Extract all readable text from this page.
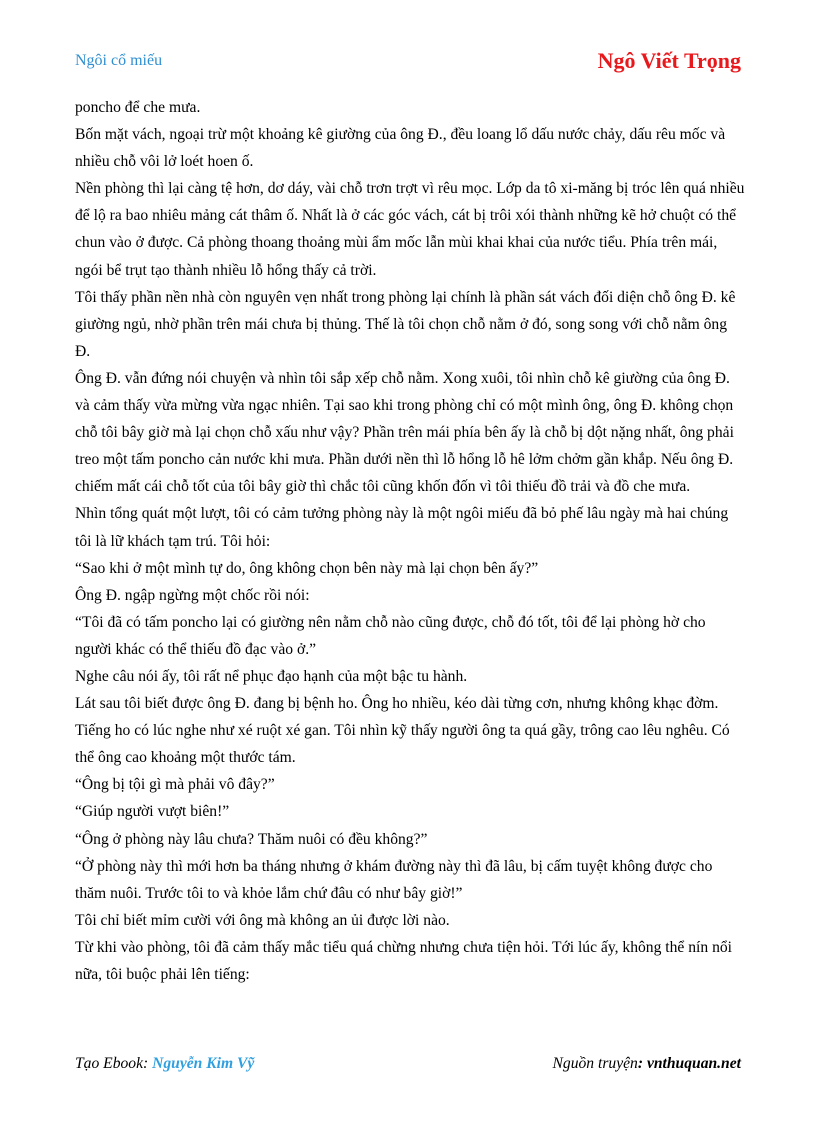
Ngôi cổ miếu	Ngô Viết Trọng

poncho để che mưa.

Bốn mặt vách, ngoại trừ một khoảng kê giường của ông Đ., đều loang lổ dấu nước chảy, dấu rêu mốc và nhiều chỗ vôi lở loét hoen ố.

Nền phòng thì lại càng tệ hơn, dơ dáy, vài chỗ trơn trợt vì rêu mọc. Lớp da tô xi-măng bị tróc lên quá nhiều để lộ ra bao nhiêu mảng cát thâm ố. Nhất là ở các góc vách, cát bị trôi xói thành những kẽ hở chuột có thể chun vào ở được. Cả phòng thoang thoảng mùi ẩm mốc lẫn mùi khai khai của nước tiểu. Phía trên mái, ngói bể trụt tạo thành nhiều lỗ hổng thấy cả trời.

Tôi thấy phần nền nhà còn nguyên vẹn nhất trong phòng lại chính là phần sát vách đối diện chỗ ông Đ. kê giường ngủ, nhờ phần trên mái chưa bị thủng. Thế là tôi chọn chỗ nằm ở đó, song song với chỗ nằm ông Đ.

Ông Đ. vẫn đứng nói chuyện và nhìn tôi sắp xếp chỗ nằm. Xong xuôi, tôi nhìn chỗ kê giường của ông Đ. và cảm thấy vừa mừng vừa ngạc nhiên. Tại sao khi trong phòng chỉ có một mình ông, ông Đ. không chọn chỗ tôi bây giờ mà lại chọn chỗ xấu như vậy? Phần trên mái phía bên ấy là chỗ bị dột nặng nhất, ông phải treo một tấm poncho cản nước khi mưa. Phần dưới nền thì lỗ hổng lỗ hê lởm chởm gần khắp. Nếu ông Đ. chiếm mất cái chỗ tốt của tôi bây giờ thì chắc tôi cũng khốn đốn vì tôi thiếu đồ trải và đồ che mưa.

Nhìn tổng quát một lượt, tôi có cảm tưởng phòng này là một ngôi miếu đã bỏ phế lâu ngày mà hai chúng tôi là lữ khách tạm trú. Tôi hỏi:

“Sao khi ở một mình tự do, ông không chọn bên này mà lại chọn bên ấy?”

Ông Đ. ngập ngừng một chốc rồi nói:

“Tôi đã có tấm poncho lại có giường nên nằm chỗ nào cũng được, chỗ đó tốt, tôi để lại phòng hờ cho người khác có thể thiếu đồ đạc vào ở.”

Nghe câu nói ấy, tôi rất nể phục đạo hạnh của một bậc tu hành.

Lát sau tôi biết được ông Đ. đang bị bệnh ho. Ông ho nhiều, kéo dài từng cơn, nhưng không khạc đờm. Tiếng ho có lúc nghe như xé ruột xé gan. Tôi nhìn kỹ thấy người ông ta quá gầy, trông cao lêu nghêu. Có thể ông cao khoảng một thước tám.

“Ông bị tội gì mà phải vô đây?”

“Giúp người vượt biên!”

“Ông ở phòng này lâu chưa? Thăm nuôi có đều không?”

“Ở phòng này thì mới hơn ba tháng nhưng ở khám đường này thì đã lâu, bị cấm tuyệt không được cho thăm nuôi. Trước tôi to và khỏe lắm chứ đâu có như bây giờ!”

Tôi chỉ biết mỉm cười với ông mà không an ủi được lời nào.

Từ khi vào phòng, tôi đã cảm thấy mắc tiểu quá chừng nhưng chưa tiện hỏi. Tới lúc ấy, không thể nín nổi nữa, tôi buộc phải lên tiếng:

Tạo Ebook: Nguyễn Kim Vỹ	Nguồn truyện: vnthuquan.net
